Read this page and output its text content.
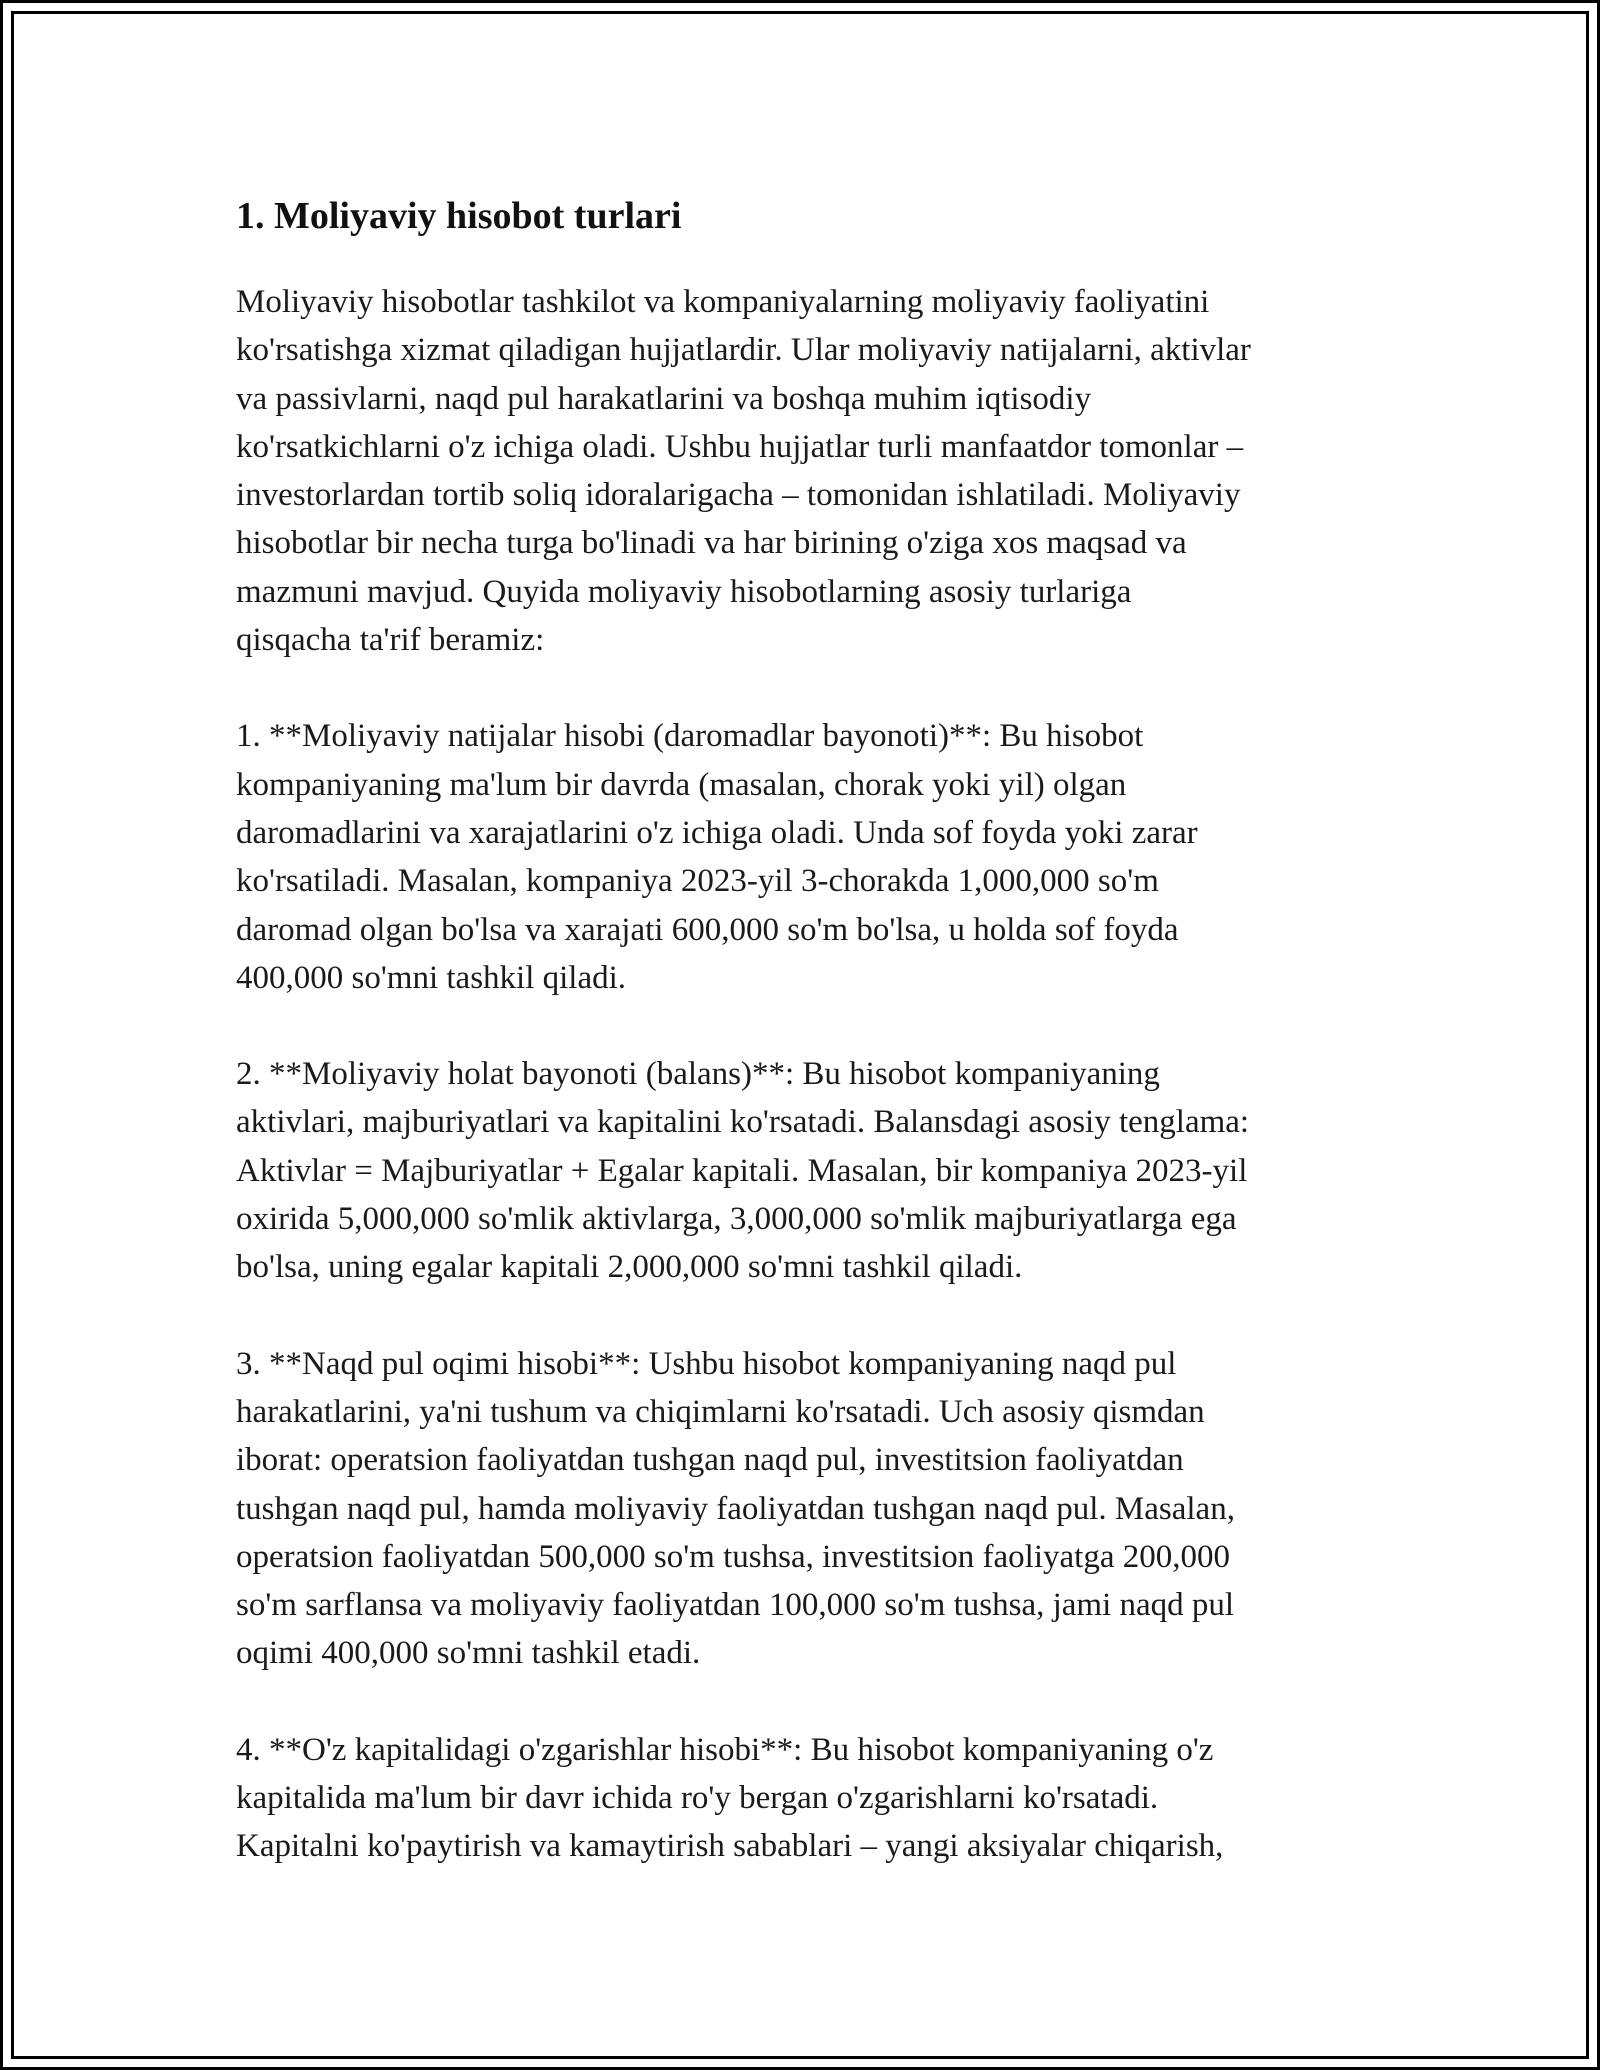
1. Moliyaviy hisobot turlari

Moliyaviy hisobotlar tashkilot va kompaniyalarning moliyaviy faoliyatini
ko'rsatishga xizmat qiladigan hujjatlardir. Ular moliyaviy natijalarni, aktivlar
va passivlarni, naqd pul harakatlarini va boshqa muhim iqtisodiy
ko'rsatkichlarni o'z ichiga oladi. Ushbu hujjatlar turli manfaatdor tomonlar –
investorlardan tortib soliq idoralarigacha – tomonidan ishlatiladi. Moliyaviy
hisobotlar bir necha turga bo'linadi va har birining o'ziga xos maqsad va
mazmuni mavjud. Quyida moliyaviy hisobotlarning asosiy turlariga
qisqacha ta'rif beramiz:

1. **Moliyaviy natijalar hisobi (daromadlar bayonoti)**: Bu hisobot
kompaniyaning ma'lum bir davrda (masalan, chorak yoki yil) olgan
daromadlarini va xarajatlarini o'z ichiga oladi. Unda sof foyda yoki zarar
ko'rsatiladi. Masalan, kompaniya 2023-yil 3-chorakda 1,000,000 so'm
daromad olgan bo'lsa va xarajati 600,000 so'm bo'lsa, u holda sof foyda
400,000 so'mni tashkil qiladi.

2. **Moliyaviy holat bayonoti (balans)**: Bu hisobot kompaniyaning
aktivlari, majburiyatlari va kapitalini ko'rsatadi. Balansdagi asosiy tenglama:
Aktivlar = Majburiyatlar + Egalar kapitali. Masalan, bir kompaniya 2023-yil
oxirida 5,000,000 so'mlik aktivlarga, 3,000,000 so'mlik majburiyatlarga ega
bo'lsa, uning egalar kapitali 2,000,000 so'mni tashkil qiladi.

3. **Naqd pul oqimi hisobi**: Ushbu hisobot kompaniyaning naqd pul
harakatlarini, ya'ni tushum va chiqimlarni ko'rsatadi. Uch asosiy qismdan
iborat: operatsion faoliyatdan tushgan naqd pul, investitsion faoliyatdan
tushgan naqd pul, hamda moliyaviy faoliyatdan tushgan naqd pul. Masalan,
operatsion faoliyatdan 500,000 so'm tushsa, investitsion faoliyatga 200,000
so'm sarflansa va moliyaviy faoliyatdan 100,000 so'm tushsa, jami naqd pul
oqimi 400,000 so'mni tashkil etadi.

4. **O'z kapitalidagi o'zgarishlar hisobi**: Bu hisobot kompaniyaning o'z
kapitalida ma'lum bir davr ichida ro'y bergan o'zgarishlarni ko'rsatadi.
Kapitalni ko'paytirish va kamaytirish sabablari – yangi aksiyalar chiqarish,
